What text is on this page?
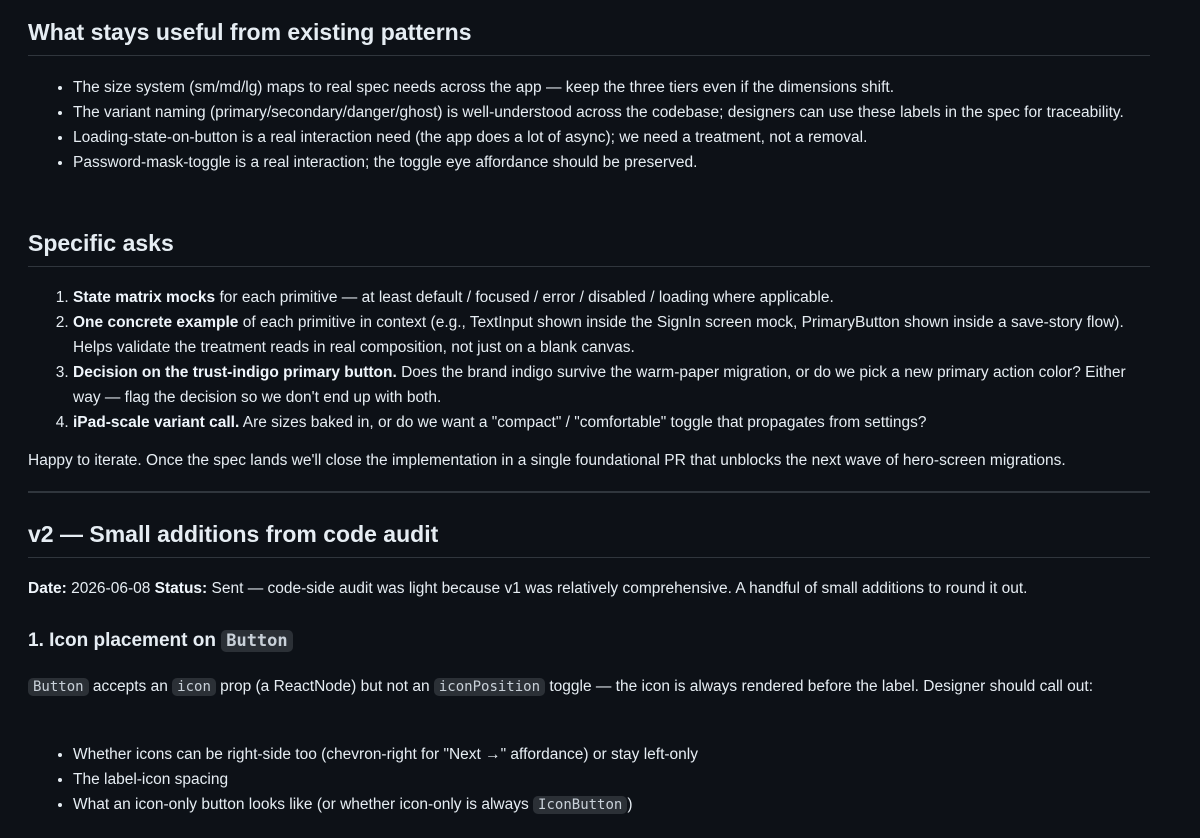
What stays useful from existing patterns
• The size system (sm/md/lg) maps to real spec needs across the app — keep the three tiers even if the dimensions shift.
• The variant naming (primary/secondary/danger/ghost) is well-understood across the codebase; designers can use these labels in the spec for traceability.
• Loading-state-on-button is a real interaction need (the app does a lot of async); we need a treatment, not a removal.
• Password-mask-toggle is a real interaction; the toggle eye affordance should be preserved.
Specific asks
1. State matrix mocks for each primitive — at least default / focused / error / disabled / loading where applicable.
2. One concrete example of each primitive in context (e.g., TextInput shown inside the SignIn screen mock, PrimaryButton shown inside a save-story flow). Helps validate the treatment reads in real composition, not just on a blank canvas.
3. Decision on the trust-indigo primary button. Does the brand indigo survive the warm-paper migration, or do we pick a new primary action color? Either way — flag the decision so we don't end up with both.
4. iPad-scale variant call. Are sizes baked in, or do we want a "compact" / "comfortable" toggle that propagates from settings?

Happy to iterate. Once the spec lands we'll close the implementation in a single foundational PR that unblocks the next wave of hero-screen migrations.

v2 — Small additions from code audit

Date: 2026-06-08 Status: Sent — code-side audit was light because v1 was relatively comprehensive. A handful of small additions to round it out.

1. Icon placement on Button

Button accepts an icon prop (a ReactNode) but not an iconPosition toggle — the icon is always rendered before the label. Designer should call out:

• Whether icons can be right-side too (chevron-right for "Next →" affordance) or stay left-only
• The label-icon spacing
• What an icon-only button looks like (or whether icon-only is always IconButton )
